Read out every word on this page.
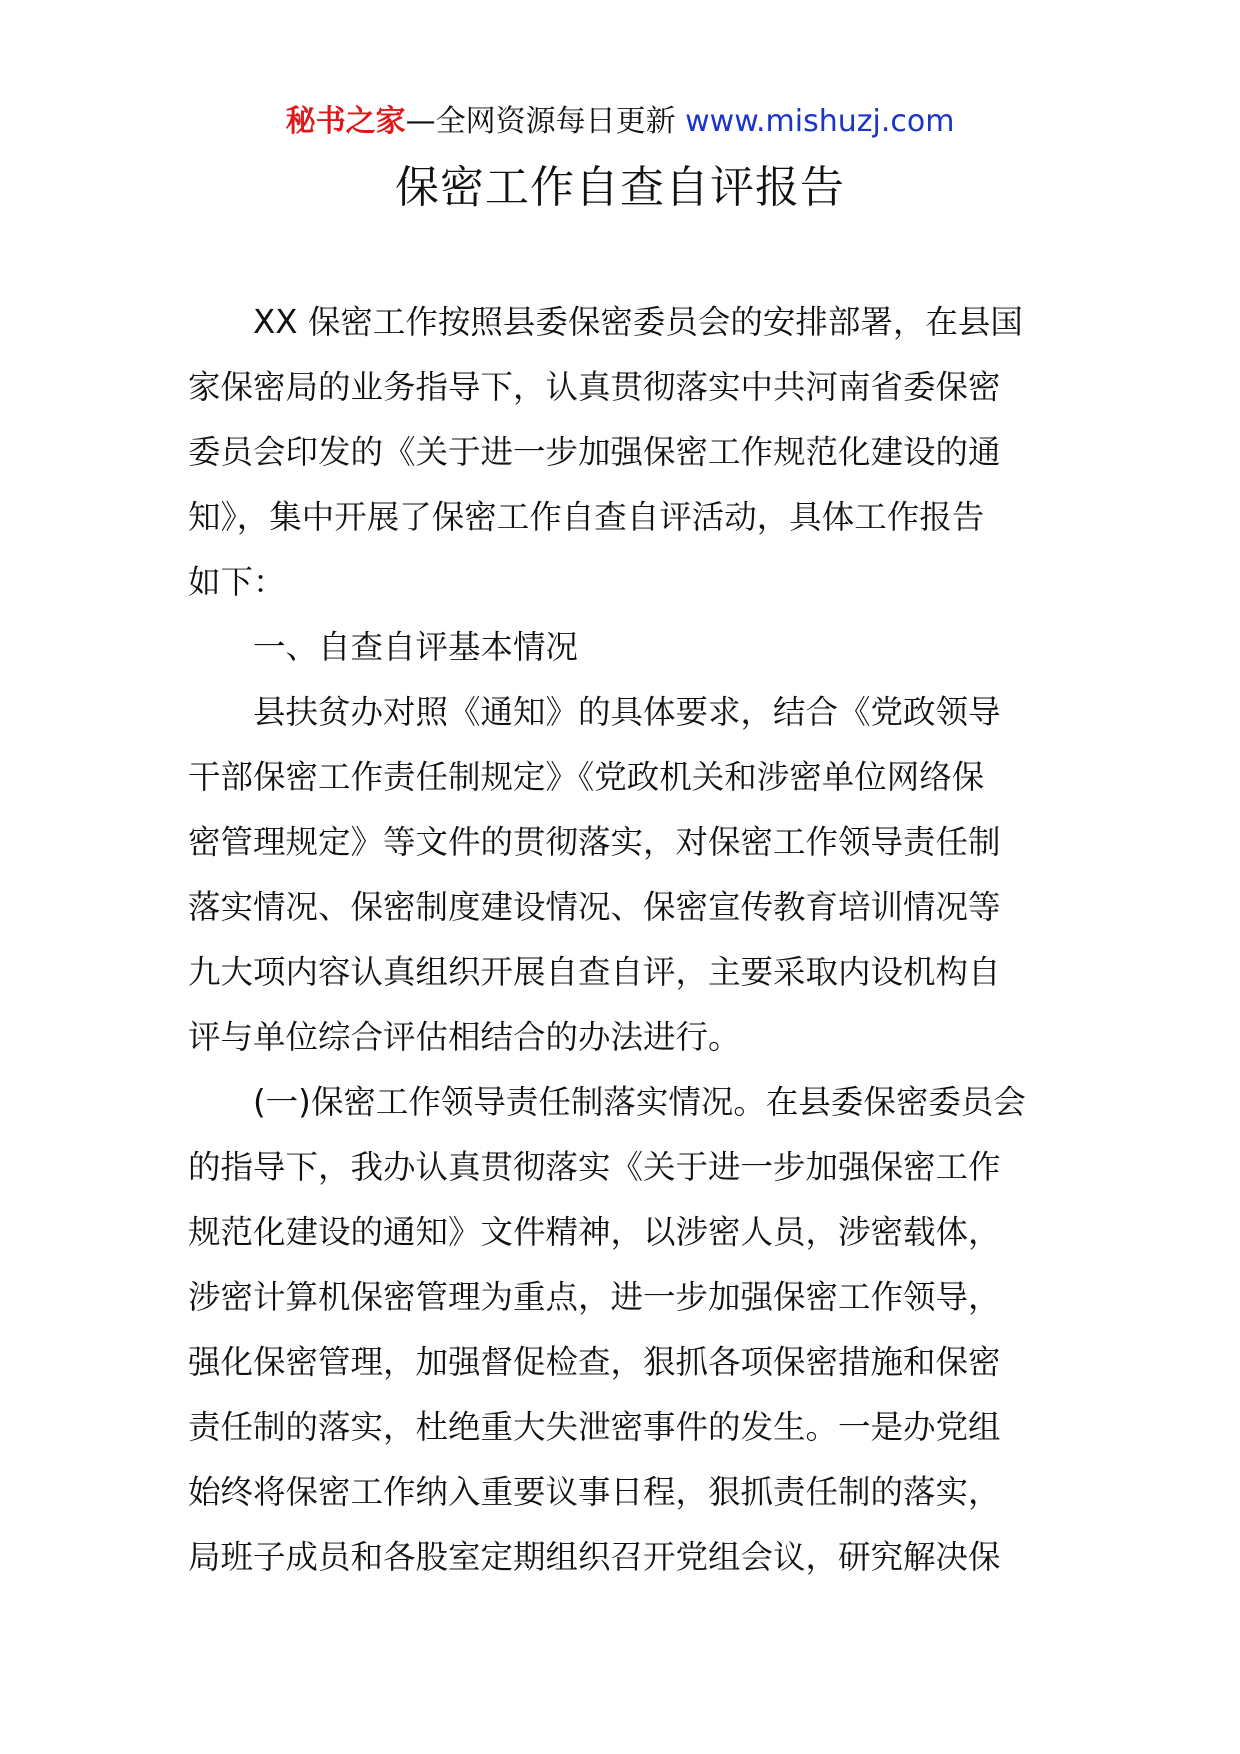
秘书之家—全网资源每日更新 www.mishuzj.com
保密工作自查自评报告
XX 保密工作按照县委保密委员会的安排部署，在县国
家保密局的业务指导下，认真贯彻落实中共河南省委保密
委员会印发的《关于进一步加强保密工作规范化建设的通
知》，集中开展了保密工作自查自评活动，具体工作报告
如下：
一、自查自评基本情况
县扶贫办对照《通知》的具体要求，结合《党政领导
干部保密工作责任制规定》《党政机关和涉密单位网络保
密管理规定》等文件的贯彻落实，对保密工作领导责任制
落实情况、保密制度建设情况、保密宣传教育培训情况等
九大项内容认真组织开展自查自评，主要采取内设机构自
评与单位综合评估相结合的办法进行。
(一)保密工作领导责任制落实情况。在县委保密委员会
的指导下，我办认真贯彻落实《关于进一步加强保密工作
规范化建设的通知》文件精神，以涉密人员，涉密载体，
涉密计算机保密管理为重点，进一步加强保密工作领导，
强化保密管理，加强督促检查，狠抓各项保密措施和保密
责任制的落实，杜绝重大失泄密事件的发生。一是办党组
始终将保密工作纳入重要议事日程，狠抓责任制的落实，
局班子成员和各股室定期组织召开党组会议，研究解决保
